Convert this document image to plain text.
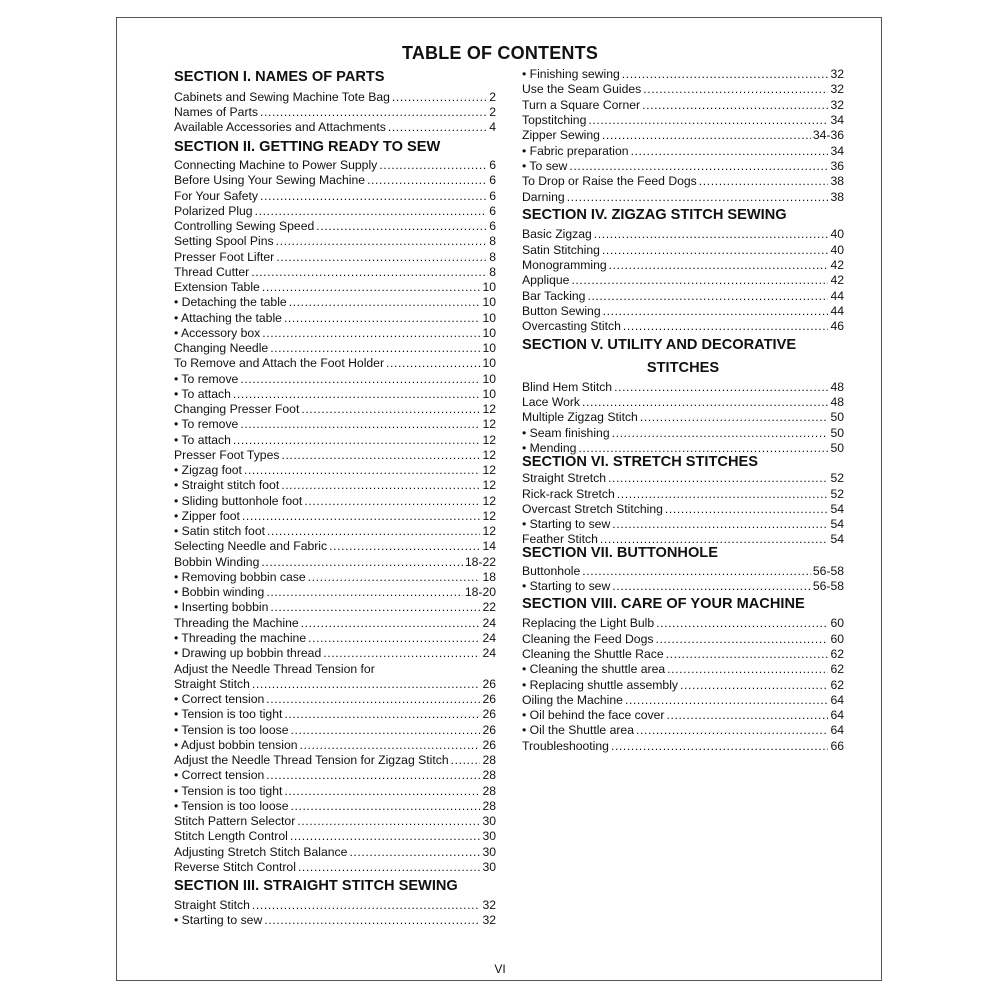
TABLE OF CONTENTS
SECTION I. NAMES OF PARTS
Cabinets and Sewing Machine Tote Bag .....	2
Names of Parts .....	2
Available Accessories and Attachments .....	4
SECTION II. GETTING READY TO SEW
Connecting Machine to Power Supply .....	6
Before Using Your Sewing Machine .....	6
For Your Safety .....	6
Polarized Plug .....	6
Controlling Sewing Speed .....	6
Setting Spool Pins .....	8
Presser Foot Lifter .....	8
Thread Cutter .....	8
Extension Table .....	10
• Detaching the table .....	10
• Attaching the table .....	10
• Accessory box .....	10
Changing Needle .....	10
To Remove and Attach the Foot Holder .....	10
• To remove .....	10
• To attach .....	10
Changing Presser Foot .....	12
• To remove .....	12
• To attach .....	12
Presser Foot Types .....	12
• Zigzag foot .....	12
• Straight stitch foot .....	12
• Sliding buttonhole foot .....	12
• Zipper foot .....	12
• Satin stitch foot .....	12
Selecting Needle and Fabric .....	14
Bobbin Winding .....	18-22
• Removing bobbin case .....	18
• Bobbin winding .....	18-20
• Inserting bobbin .....	22
Threading the Machine .....	24
• Threading the machine .....	24
• Drawing up bobbin thread .....	24
Adjust the Needle Thread Tension for
Straight Stitch .....	26
• Correct tension .....	26
• Tension is too tight .....	26
• Tension is too loose .....	26
• Adjust bobbin tension .....	26
Adjust the Needle Thread Tension for Zigzag Stitch .....	28
• Correct tension .....	28
• Tension is too tight .....	28
• Tension is too loose .....	28
Stitch Pattern Selector .....	30
Stitch Length Control .....	30
Adjusting Stretch Stitch Balance .....	30
Reverse Stitch Control .....	30
SECTION III. STRAIGHT STITCH SEWING
Straight Stitch .....	32
• Starting to sew .....	32
• Finishing sewing .....	32
Use the Seam Guides .....	32
Turn a Square Corner .....	32
Topstitching .....	34
Zipper Sewing .....	34-36
• Fabric preparation .....	34
• To sew .....	36
To Drop or Raise the Feed Dogs .....	38
Darning .....	38
SECTION IV. ZIGZAG STITCH SEWING
Basic Zigzag .....	40
Satin Stitching .....	40
Monogramming .....	42
Applique .....	42
Bar Tacking .....	44
Button Sewing .....	44
Overcasting Stitch .....	46
SECTION V. UTILITY AND DECORATIVE
STITCHES
Blind Hem Stitch .....	48
Lace Work .....	48
Multiple Zigzag Stitch .....	50
• Seam finishing .....	50
• Mending .....	50
SECTION VI. STRETCH STITCHES
Straight Stretch .....	52
Rick-rack Stretch .....	52
Overcast Stretch Stitching .....	54
• Starting to sew .....	54
Feather Stitch .....	54
SECTION VII. BUTTONHOLE
Buttonhole .....	56-58
• Starting to sew .....	56-58
SECTION VIII. CARE OF YOUR MACHINE
Replacing the Light Bulb .....	60
Cleaning the Feed Dogs .....	60
Cleaning the Shuttle Race .....	62
• Cleaning the shuttle area .....	62
• Replacing shuttle assembly .....	62
Oiling the Machine .....	64
• Oil behind the face cover .....	64
• Oil the Shuttle area .....	64
Troubleshooting .....	66
VI
